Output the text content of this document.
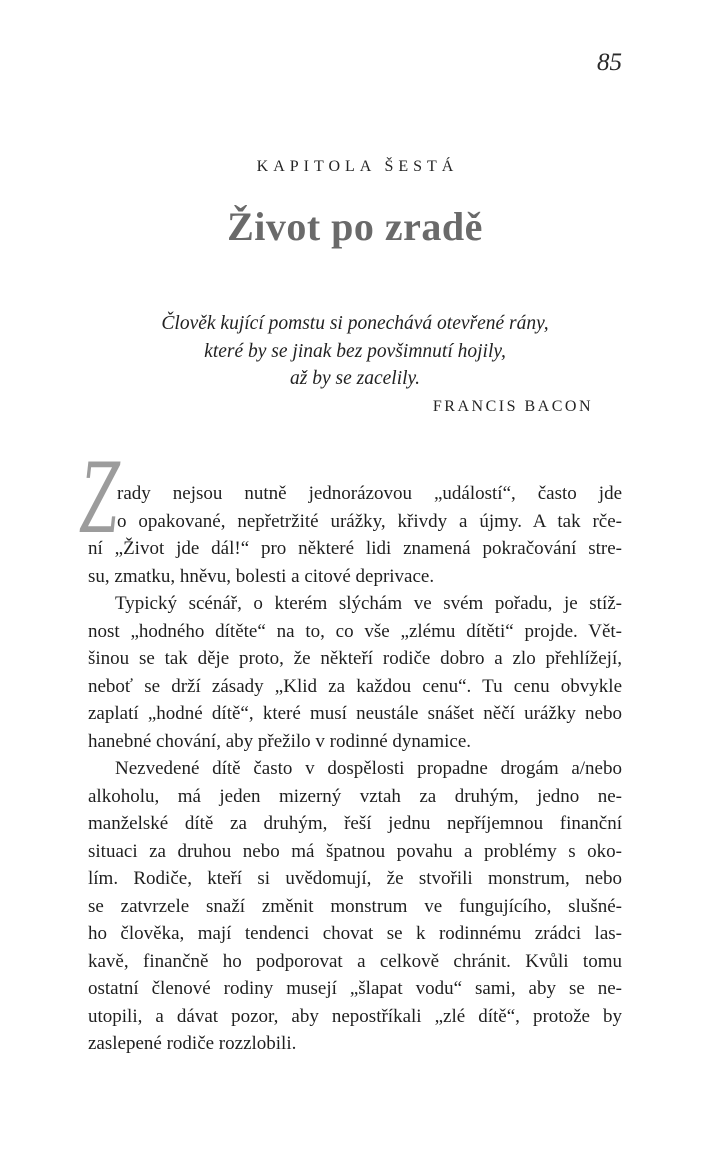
85
KAPITOLA ŠESTÁ
Život po zradě
Člověk kující pomstu si ponechává otevřené rány,
které by se jinak bez povšimnutí hojily,
až by se zacelily.
FRANCIS BACON
Z
rady nejsou nutně jednorázovou „událostí“, často jde
o opakované, nepřetržité urážky, křivdy a újmy. A tak rče-
ní „Život jde dál!“ pro některé lidi znamená pokračování stre-
su, zmatku, hněvu, bolesti a citové deprivace.
Typický scénář, o kterém slýchám ve svém pořadu, je stíž-
nost „hodného dítěte“ na to, co vše „zlému dítěti“ projde. Vět-
šinou se tak děje proto, že někteří rodiče dobro a zlo přehlížejí,
neboť se drží zásady „Klid za každou cenu“. Tu cenu obvykle
zaplatí „hodné dítě“, které musí neustále snášet něčí urážky nebo
hanebné chování, aby přežilo v rodinné dynamice.
Nezvedené dítě často v dospělosti propadne drogám a/nebo
alkoholu, má jeden mizerný vztah za druhým, jedno ne-
manželské dítě za druhým, řeší jednu nepříjemnou finanční
situaci za druhou nebo má špatnou povahu a problémy s oko-
lím. Rodiče, kteří si uvědomují, že stvořili monstrum, nebo
se zatvrzele snaží změnit monstrum ve fungujícího, slušné-
ho člověka, mají tendenci chovat se k rodinnému zrádci las-
kavě, finančně ho podporovat a celkově chránit. Kvůli tomu
ostatní členové rodiny musejí „šlapat vodu“ sami, aby se ne-
utopili, a dávat pozor, aby nepostříkali „zlé dítě“, protože by
zaslepené rodiče rozzlobili.
